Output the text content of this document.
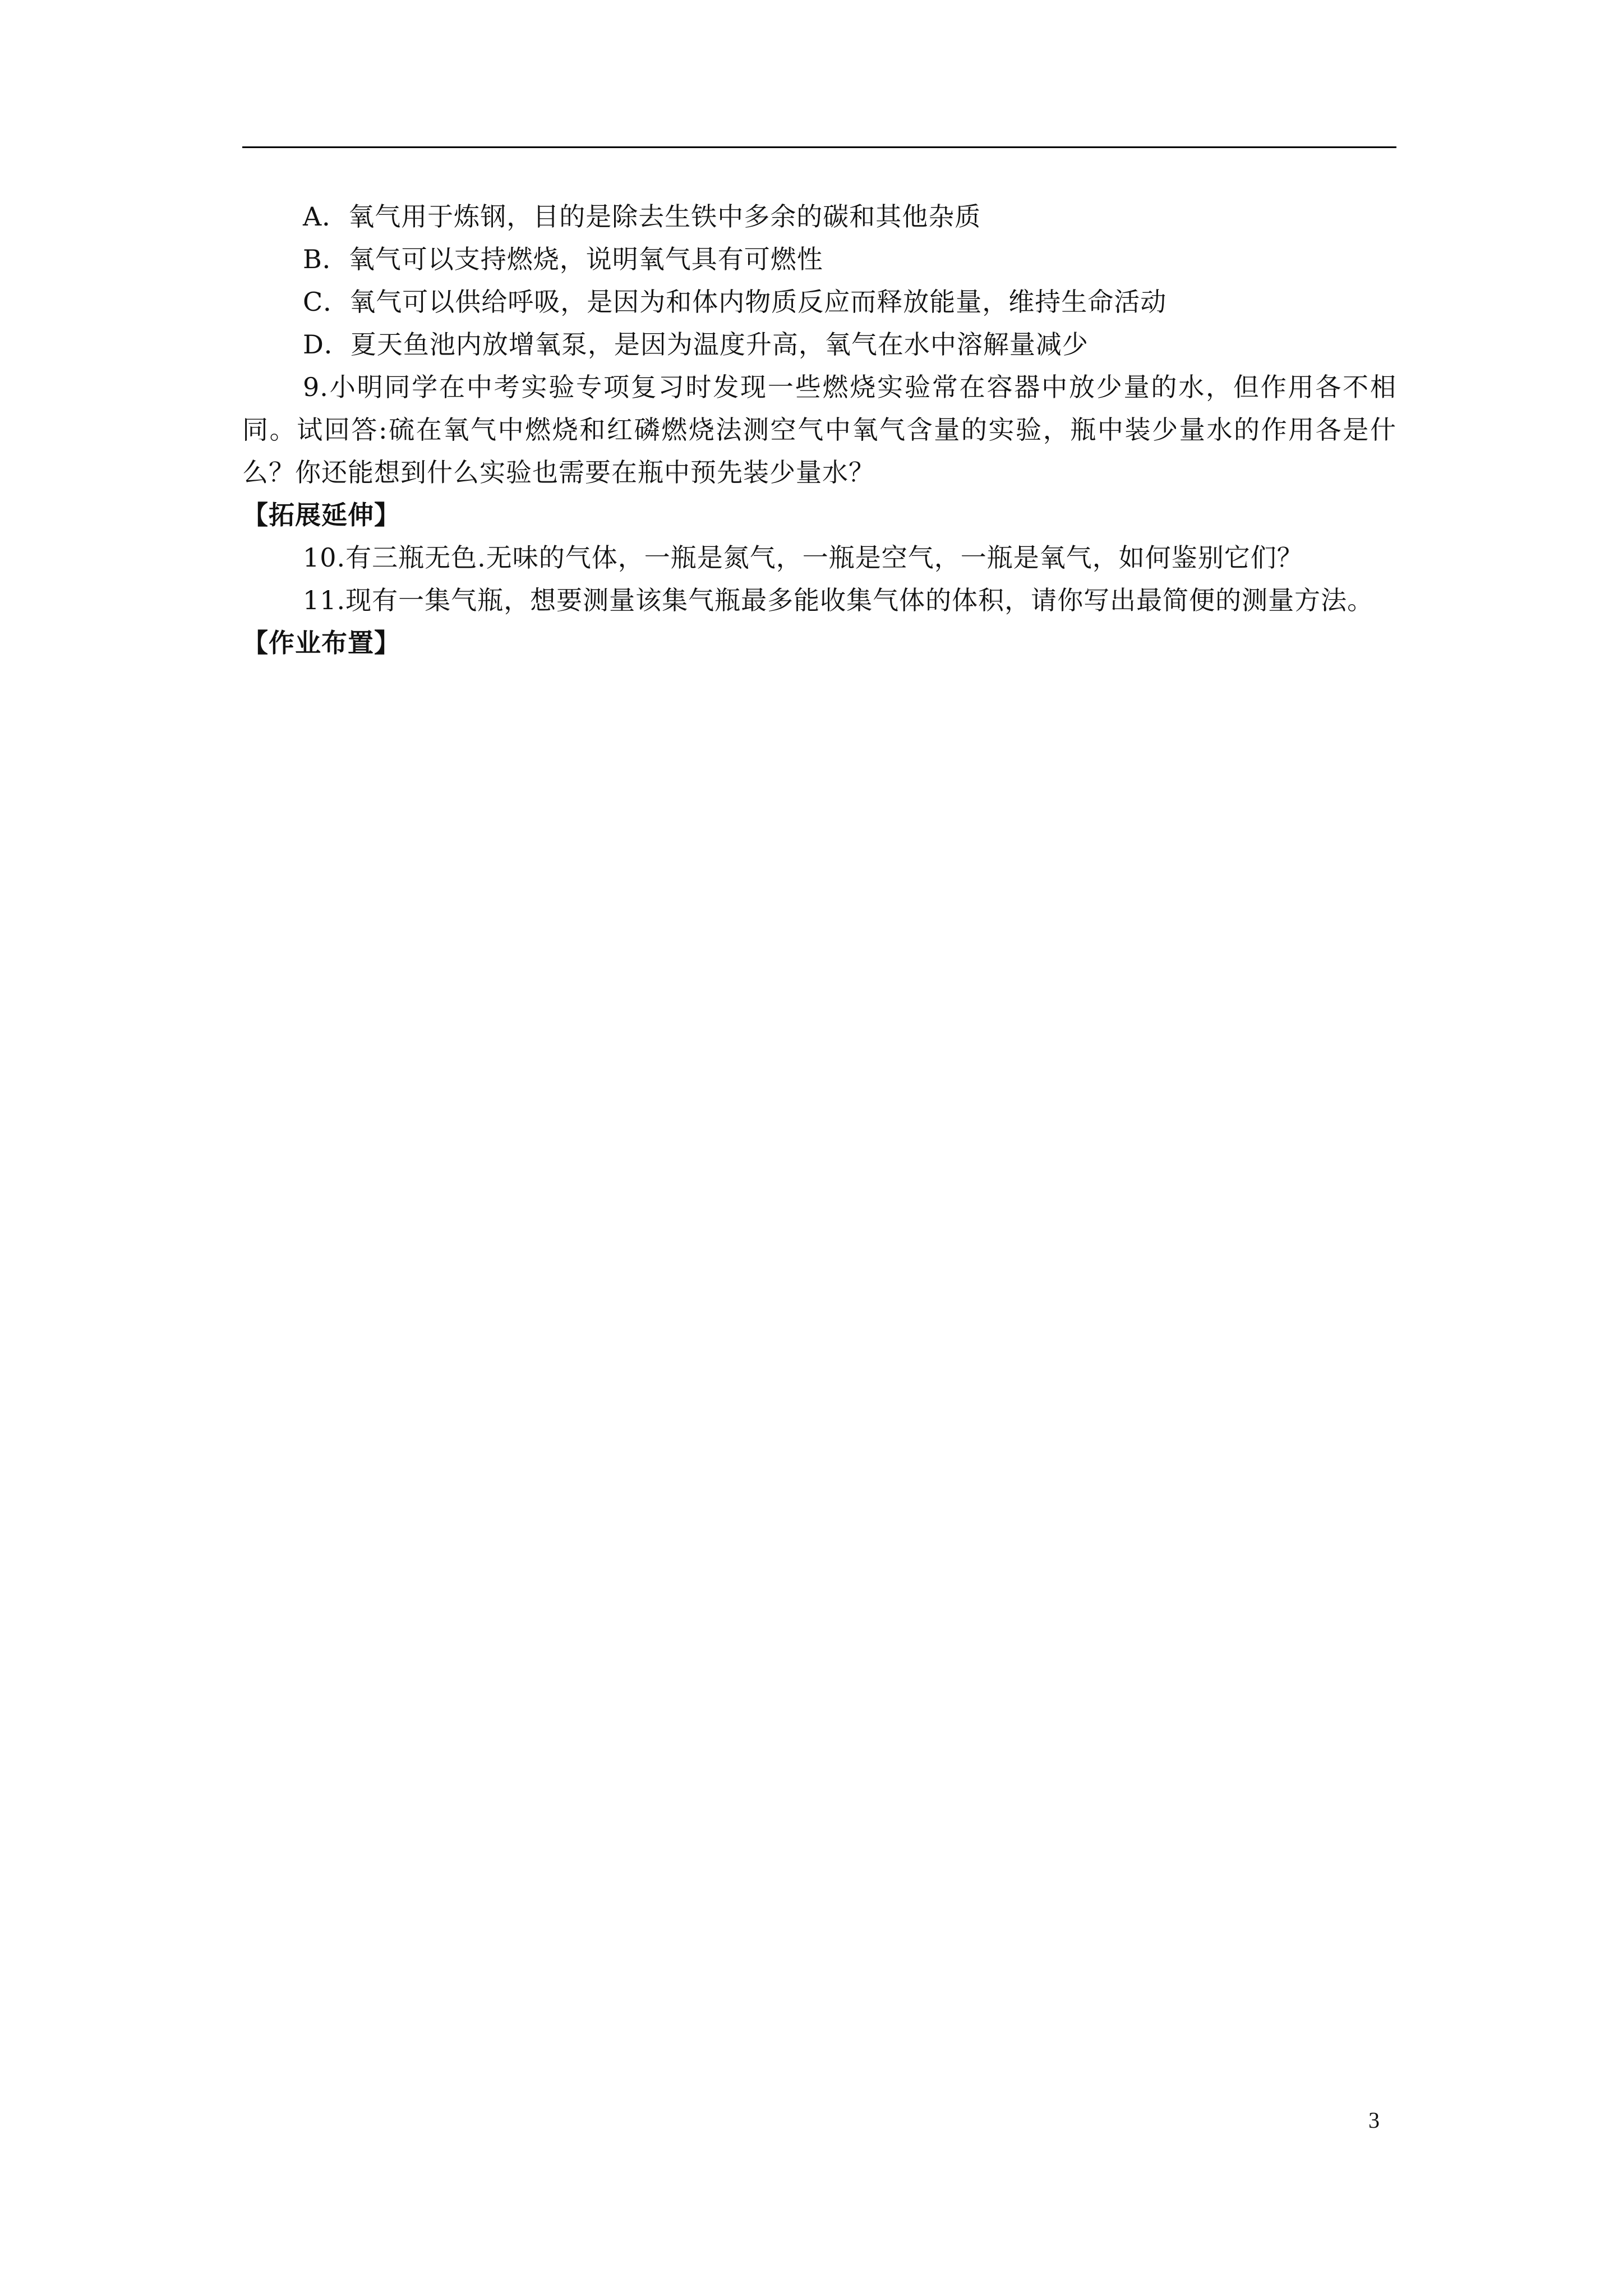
A．氧气用于炼钢，目的是除去生铁中多余的碳和其他杂质
B．氧气可以支持燃烧，说明氧气具有可燃性
C．氧气可以供给呼吸，是因为和体内物质反应而释放能量，维持生命活动
D．夏天鱼池内放增氧泵，是因为温度升高，氧气在水中溶解量减少
9.小明同学在中考实验专项复习时发现一些燃烧实验常在容器中放少量的水，但作用各不相同。试回答:硫在氧气中燃烧和红磷燃烧法测空气中氧气含量的实验，瓶中装少量水的作用各是什么？你还能想到什么实验也需要在瓶中预先装少量水？
【拓展延伸】
10.有三瓶无色.无味的气体，一瓶是氮气，一瓶是空气，一瓶是氧气，如何鉴别它们？
11.现有一集气瓶，想要测量该集气瓶最多能收集气体的体积，请你写出最简便的测量方法。
【作业布置】
3
